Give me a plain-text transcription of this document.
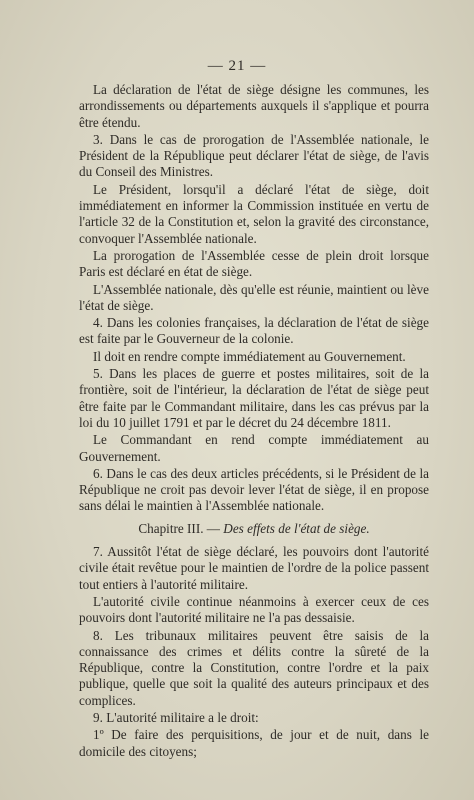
— 21 —

La déclaration de l'état de siège désigne les communes, les arrondissements ou départements auxquels il s'applique et pourra être étendu.

3. Dans le cas de prorogation de l'Assemblée nationale, le Président de la République peut déclarer l'état de siège, de l'avis du Conseil des Ministres.

Le Président, lorsqu'il a déclaré l'état de siège, doit immédiatement en informer la Commission instituée en vertu de l'article 32 de la Constitution et, selon la gravité des circonstance, convoquer l'Assemblée nationale.

La prorogation de l'Assemblée cesse de plein droit lorsque Paris est déclaré en état de siège.

L'Assemblée nationale, dès qu'elle est réunie, maintient ou lève l'état de siège.

4. Dans les colonies françaises, la déclaration de l'état de siège est faite par le Gouverneur de la colonie.

Il doit en rendre compte immédiatement au Gouvernement.

5. Dans les places de guerre et postes militaires, soit de la frontière, soit de l'intérieur, la déclaration de l'état de siège peut être faite par le Commandant militaire, dans les cas prévus par la loi du 10 juillet 1791 et par le décret du 24 décembre 1811.

Le Commandant en rend compte immédiatement au Gouvernement.

6. Dans le cas des deux articles précédents, si le Président de la République ne croit pas devoir lever l'état de siège, il en propose sans délai le maintien à l'Assemblée nationale.

Chapitre III. — Des effets de l'état de siège.

7. Aussitôt l'état de siège déclaré, les pouvoirs dont l'autorité civile était revêtue pour le maintien de l'ordre de la police passent tout entiers à l'autorité militaire.

L'autorité civile continue néanmoins à exercer ceux de ces pouvoirs dont l'autorité militaire ne l'a pas dessaisie.

8. Les tribunaux militaires peuvent être saisis de la connaissance des crimes et délits contre la sûreté de la République, contre la Constitution, contre l'ordre et la paix publique, quelle que soit la qualité des auteurs principaux et des complices.

9. L'autorité militaire a le droit:

1º De faire des perquisitions, de jour et de nuit, dans le domicile des citoyens;
